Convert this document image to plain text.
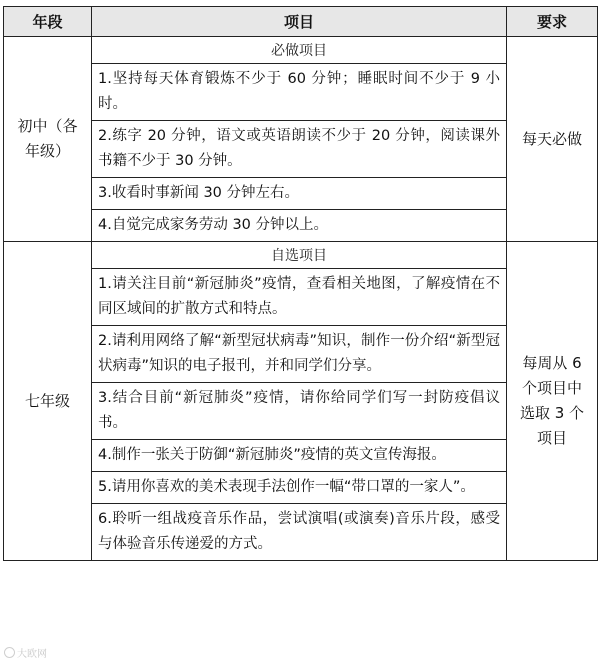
年段	项目	要求
初中（各年级）	必做项目	每天必做
	1.坚持每天体育锻炼不少于 60 分钟；睡眠时间不少于 9 小时。	
	2.练字 20 分钟，语文或英语朗读不少于 20 分钟，阅读课外书籍不少于 30 分钟。	
	3.收看时事新闻 30 分钟左右。	
	4.自觉完成家务劳动 30 分钟以上。	
七年级	自选项目	每周从 6 个项目中选取 3 个项目
	1.请关注目前“新冠肺炎”疫情，查看相关地图，了解疫情在不同区域间的扩散方式和特点。	
	2.请利用网络了解“新型冠状病毒”知识，制作一份介绍“新型冠状病毒”知识的电子报刊，并和同学们分享。	
	3.结合目前“新冠肺炎”疫情，请你给同学们写一封防疫倡议书。	
	4.制作一张关于防御“新冠肺炎”疫情的英文宣传海报。	
	5.请用你喜欢的美术表现手法创作一幅“带口罩的一家人”。	
	6.聆听一组战疫音乐作品，尝试演唱(或演奏)音乐片段，感受与体验音乐传递爱的方式。	
大欧网
